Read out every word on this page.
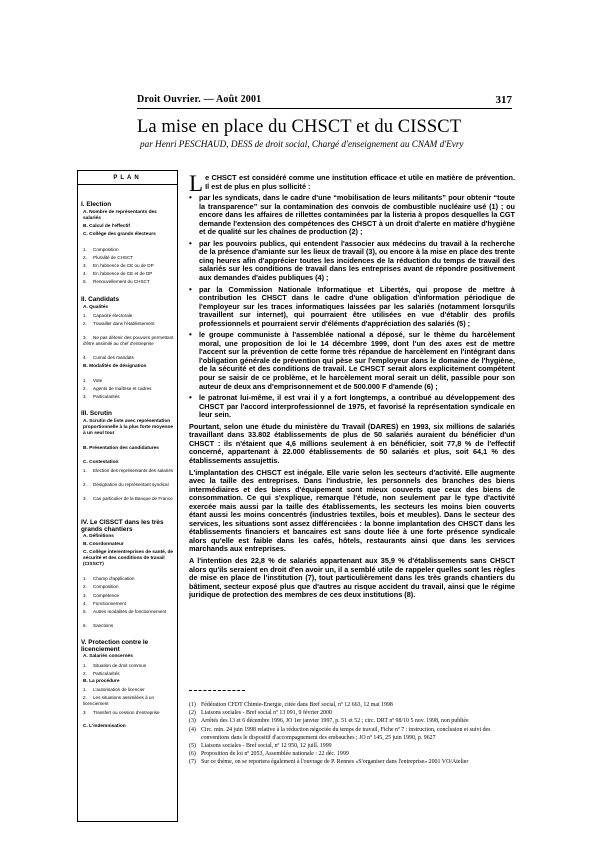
Droit Ouvrier. — Août 2001	317
La mise en place du CHSCT et du CISSCT
par Henri PESCHAUD, DESS de droit social, Chargé d'enseignement au CNAM d'Evry
PLAN
I. Election
A. Nombre de représentants des salariés
B. Calcul de l'effectif
C. Collège des grands électeurs
1. Composition
2. Pluralité de CHSCT
3. En l'absence de CE ou de DP
4. En l'absence de CE et de DP
5. Renouvellement du CHSCT
II. Candidats
A. Qualités
1. Capacité électorale
2. Travailler dans l'établissement
3. Ne pas détenir des pouvoirs permettant d'être assimilé au chef d'entreprise
4. Cumul des mandats
B. Modalités de désignation
1. Vote
2. Agents de maîtrise et cadres
3. Particularités
III. Scrutin
A. Scrutin de liste avec représentation proportionnelle à la plus forte moyenne à un seul tour
B. Présentation des candidatures
C. Contestation
1. Election des représentants des salariés
2. Désignation du représentant syndical
3. Cas particulier de la Banque de France
IV. Le CISSCT dans les très grands chantiers
A. Définitions
B. Coordonnateur
C. Collège interentreprises de santé, de sécurité et des conditions de travail (CISSCT)
1. Champ d'application
2. Composition
3. Compétence
4. Fonctionnement
5. Autres modalités de fonctionnement
6. Sanctions
V. Protection contre le licenciement
A. Salariés concernés
1. Situation de droit commun
2. Particularités
B. La procédure
1. L'autorisation de licencier
2. Les situations assimilées à un licenciement
3. Transfert ou cession d'entreprise
C. L'indemnisation
L e CHSCT est considéré comme une institution efficace et utile en matière de prévention. Il est de plus en plus sollicité :
• par les syndicats, dans le cadre d'une “mobilisation de leurs militants” pour obtenir “toute la transparence” sur la contamination des convois de combustible nucléaire usé (1) ; ou encore dans les affaires de rillettes contaminées par la listeria à propos desquelles la CGT demande l'extension des compétences des CHSCT à un droit d'alerte en matière d'hygiène et de qualité sur les chaînes de production (2) ;
• par les pouvoirs publics, qui entendent l'associer aux médecins du travail à la recherche de la présence d'amiante sur les lieux de travail (3), ou encore à la mise en place des trente cinq heures afin d'apprécier toutes les incidences de la réduction du temps de travail des salariés sur les conditions de travail dans les entreprises avant de répondre positivement aux demandes d'aides publiques (4) ;
• par la Commission Nationale Informatique et Libertés, qui propose de mettre à contribution les CHSCT dans le cadre d'une obligation d'information périodique de l'employeur sur les traces informatiques laissées par les salariés (notamment lorsqu'ils travaillent sur internet), qui pourraient être utilisées en vue d'établir des profils professionnels et pourraient servir d'éléments d'appréciation des salariés (5) ;
• le groupe communiste à l'assemblée national a déposé, sur le thème du harcèlement moral, une proposition de loi le 14 décembre 1999, dont l'un des axes est de mettre l'accent sur la prévention de cette forme très répandue de harcèlement en l'intégrant dans l'obligation générale de prévention qui pèse sur l'employeur dans le domaine de l'hygiène, de la sécurité et des conditions de travail. Le CHSCT serait alors explicitement compétent pour se saisir de ce problème, et le harcèlement moral serait un délit, passible pour son auteur de deux ans d'emprisonnement et de 500.000 F d'amende (6) ;
• le patronat lui-même, il est vrai il y a fort longtemps, a contribué au développement des CHSCT par l'accord interprofessionnel de 1975, et favorisé la représentation syndicale en leur sein.
Pourtant, selon une étude du ministère du Travail (DARES) en 1993, six millions de salariés travaillant dans 33.802 établissements de plus de 50 salariés auraient du bénéficier d'un CHSCT : ils n'étaient que 4,6 millions seulement à en bénéficier, soit 77,8 % de l'effectif concerné, appartenant à 22.000 établissements de 50 salariés et plus, soit 64,1 % des établissements assujettis.
L'implantation des CHSCT est inégale. Elle varie selon les secteurs d'activité. Elle augmente avec la taille des entreprises. Dans l'industrie, les personnels des branches des biens intermédiaires et des biens d'équipement sont mieux couverts que ceux des biens de consommation. Ce qui s'explique, remarque l'étude, non seulement par le type d'activité exercée mais aussi par la taille des établissements, les secteurs les moins bien couverts étant aussi les moins concentrés (industries textiles, bois et meubles). Dans le secteur des services, les situations sont assez différenciées : la bonne implantation des CHSCT dans les établissements financiers et bancaires est sans doute liée à une forte présence syndicale alors qu'elle est faible dans les cafés, hôtels, restaurants ainsi que dans les services marchands aux entreprises.
A l'intention des 22,8 % de salariés appartenant aux 35,9 % d'établissements sans CHSCT alors qu'ils seraient en droit d'en avoir un, il a semblé utile de rappeler quelles sont les règles de mise en place de l'institution (7), tout particulièrement dans les très grands chantiers du bâtiment, secteur exposé plus que d'autres au risque accident du travail, ainsi que le régime juridique de protection des membres de ces deux institutions (8).
(1) Fédération CFDT Chimie-Energie, citée dans Bref social, nº 12 663, 12 mai 1998
(2) Liaisons sociales - Bref social nº 13 091, 9 février 2000
(3) Arrêtés des 13 et 6 décembre 1996, JO 1er janvier 1997, p. 51 et 52 ; circ. DRT nº 98/10 5 nov. 1998, non publiée
(4) Circ. min. 24 juin 1998 relative à la réduction négociée du temps de travail, Fiche nº 7 : instruction, conclusion et suivi des conventions dans le dispositif d'accompagnement des embauches ; JO nº 145, 25 juin 1990, p. 9627
(5) Liaisons sociales - Bref social, nº 12 950, 12 juill. 1999
(6) Proposition de loi nº 2053, Assemblée nationale : 22 déc. 1999
(7) Sur ce thème, on se reportera également à l'ouvrage de P. Rennes «S'organiser dans l'entreprise» 2001 VO/Atelier
